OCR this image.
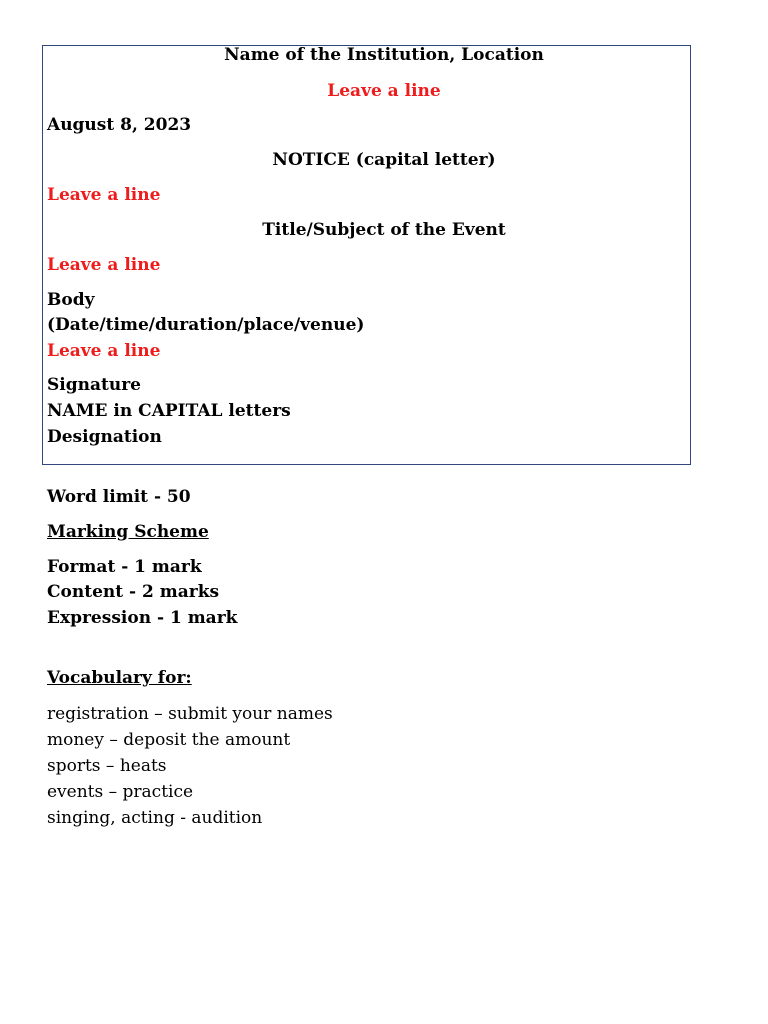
Name of the Institution, Location
Leave a line
August 8, 2023
NOTICE (capital letter)
Leave a line
Title/Subject of the Event
Leave a line
Body
(Date/time/duration/place/venue)
Leave a line
Signature
NAME in CAPITAL letters
Designation
Word limit - 50
Marking Scheme
Format - 1 mark
Content - 2 marks
Expression - 1 mark
Vocabulary for:
registration – submit your names
money – deposit the amount
sports – heats
events – practice
singing, acting - audition
